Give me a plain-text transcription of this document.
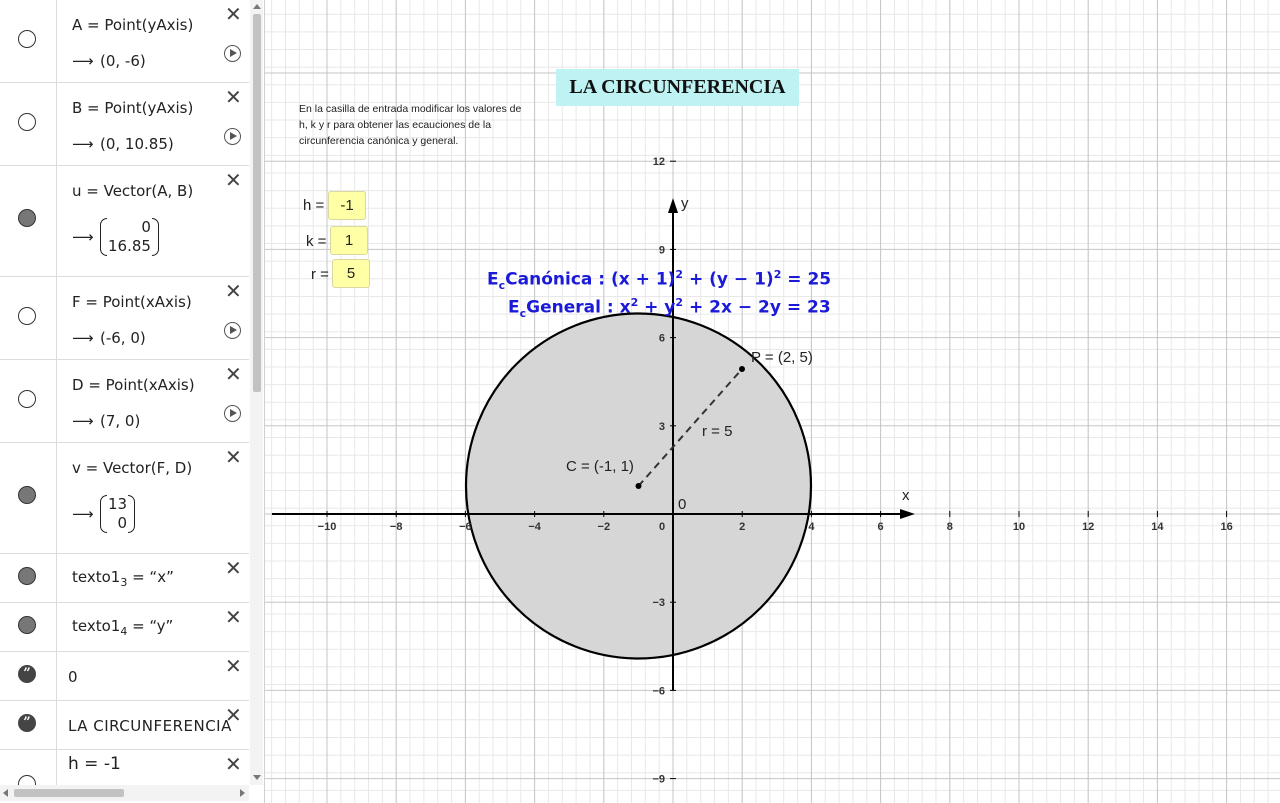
A = Point(yAxis)
⟶ (0, -6)
✕
B = Point(yAxis)
⟶ (0, 10.85)
✕
u = Vector(A, B)
⟶0
16.85
✕
F = Point(xAxis)
⟶ (-6, 0)
✕
D = Point(xAxis)
⟶ (7, 0)
✕
v = Vector(F, D)
⟶13
0
✕
$texto1_3$ = “x”	✕
$texto1_4$ = “y”	✕
”	0	✕
”	LA CIRCUNFERENCIA
✕
h = -1	✕
−10	−8	−6	−4	−2	0	2	4	6	8	10	12	14	16
12
9
6
3
−3
−6
−9
LA CIRCUNFERENCIA
En la casilla de entrada modificar los valores de h, k y r para obtener las ecauciones de la circunferencia canónica y general.
h =	-1
k =	1
r =	5	$E_cCanónica$ : $(x + 1)^2 + (y - 1)^2 = 25$
$E_cGeneral$ : $x^2 + y^2 + 2x - 2y = 23$
P = (2, 5)
C = (-1, 1)
r = 5
0
x
y
